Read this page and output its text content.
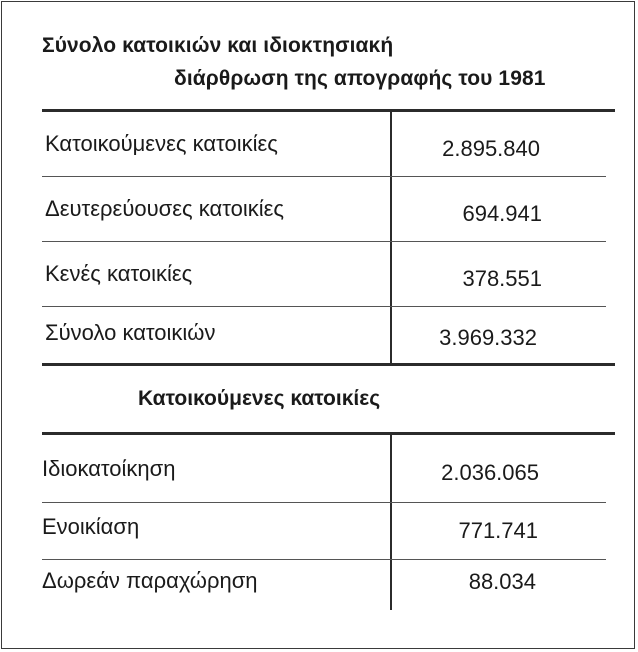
Σύνολο κατοικιών και ιδιοκτησιακή

διάρθρωση της απογραφής του 1981

Κατοικούμενες κατοικίες	2.895.840
Δευτερεύουσες κατοικίες	694.941
Κενές κατοικίες	378.551
Σύνολο κατοικιών	3.969.332
Κατοικούμενες κατοικίες
Ιδιοκατοίκηση	2.036.065
Ενοικίαση	771.741
Δωρεάν παραχώρηση	88.034
